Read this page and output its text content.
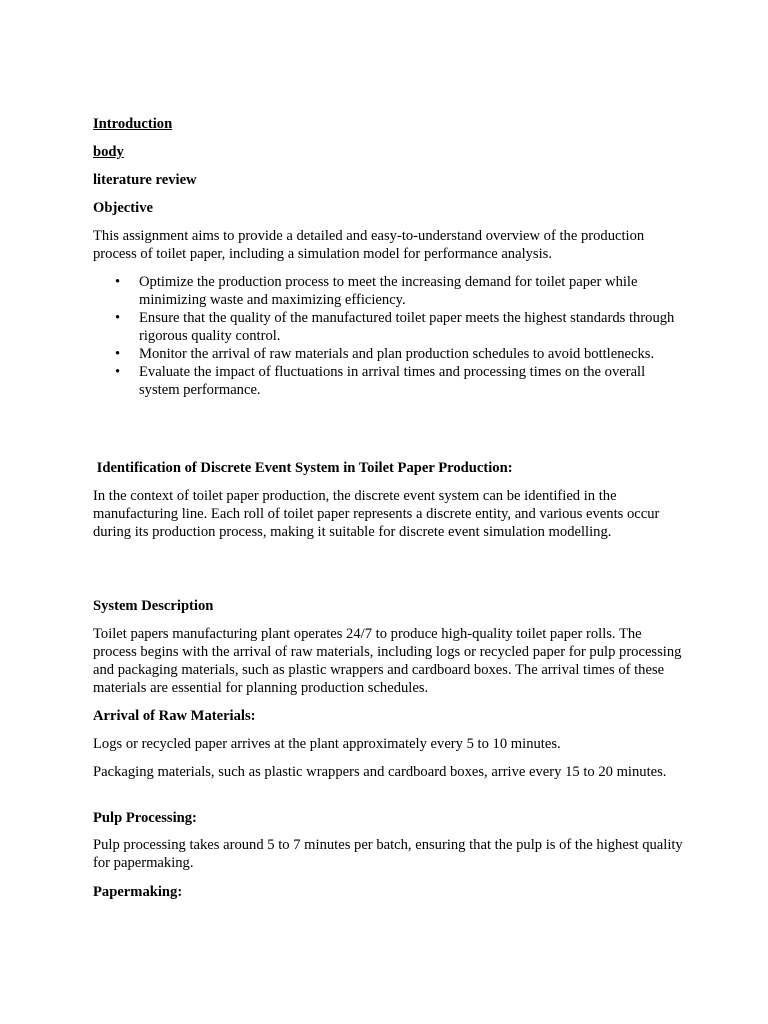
Introduction

body

literature review

Objective

This assignment aims to provide a detailed and easy-to-understand overview of the production process of toilet paper, including a simulation model for performance analysis.

• Optimize the production process to meet the increasing demand for toilet paper while minimizing waste and maximizing efficiency.
• Ensure that the quality of the manufactured toilet paper meets the highest standards through rigorous quality control.
• Monitor the arrival of raw materials and plan production schedules to avoid bottlenecks.
• Evaluate the impact of fluctuations in arrival times and processing times on the overall system performance.

Identification of Discrete Event System in Toilet Paper Production:

In the context of toilet paper production, the discrete event system can be identified in the manufacturing line. Each roll of toilet paper represents a discrete entity, and various events occur during its production process, making it suitable for discrete event simulation modelling.

System Description

Toilet papers manufacturing plant operates 24/7 to produce high-quality toilet paper rolls. The process begins with the arrival of raw materials, including logs or recycled paper for pulp processing and packaging materials, such as plastic wrappers and cardboard boxes. The arrival times of these materials are essential for planning production schedules.

Arrival of Raw Materials:

Logs or recycled paper arrives at the plant approximately every 5 to 10 minutes.

Packaging materials, such as plastic wrappers and cardboard boxes, arrive every 15 to 20 minutes.

Pulp Processing:

Pulp processing takes around 5 to 7 minutes per batch, ensuring that the pulp is of the highest quality for papermaking.

Papermaking:
